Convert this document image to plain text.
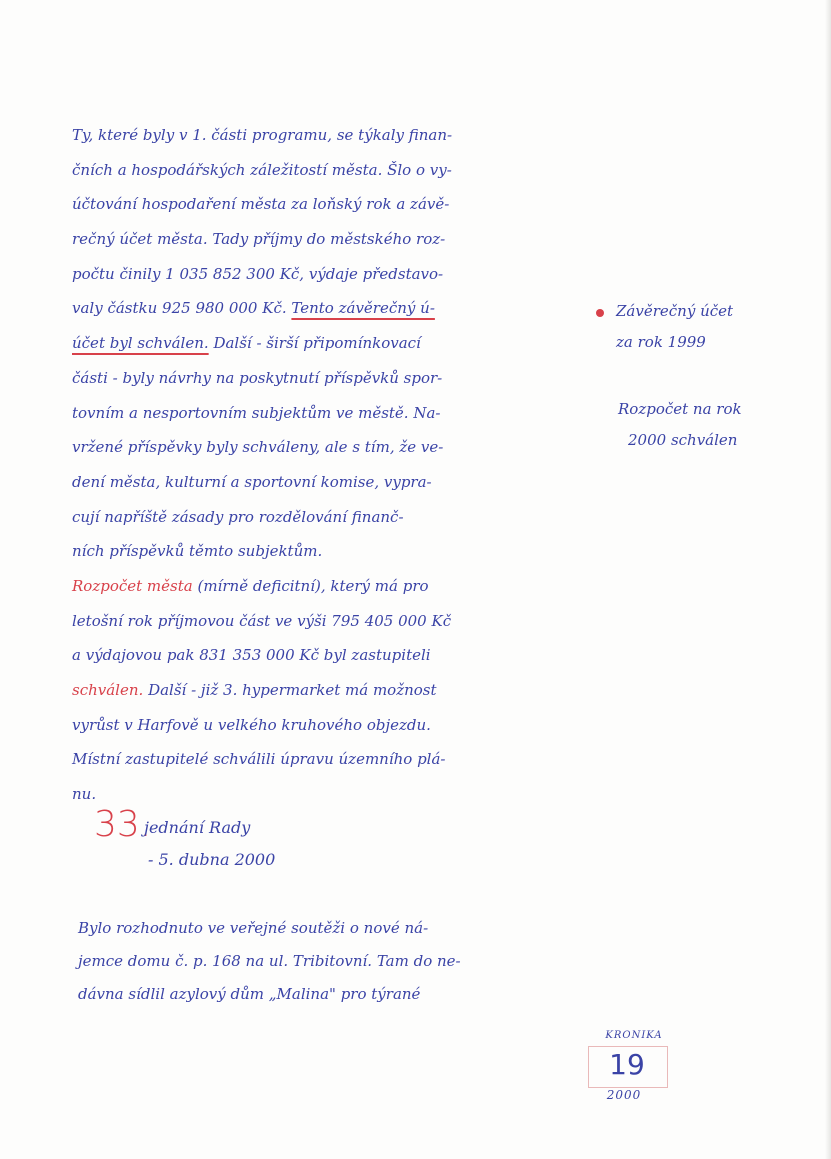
Ty, které byly v 1. části programu, se týkaly finan-
čních a hospodářských záležitostí města. Šlo o vy-
účtování hospodaření města za loňský rok a závě-
rečný účet města. Tady příjmy do městského roz-
počtu činily 1 035 852 300 Kč, výdaje představo-
valy částku 925 980 000 Kč. Tento závěrečný ú-
účet byl schválen. Další - širší připomínkovací
části - byly návrhy na poskytnutí příspěvků spor-
tovním a nesportovním subjektům ve městě. Na-
vržené příspěvky byly schváleny, ale s tím, že ve-
dení města, kulturní a sportovní komise, vypra-
cují napříště zásady pro rozdělování finanč-
ních příspěvků těmto subjektům.
Rozpočet města (mírně deficitní), který má pro
letošní rok příjmovou část ve výši 795 405 000 Kč
a výdajovou pak 831 353 000 Kč byl zastupiteli
schválen. Další - již 3. hypermarket má možnost
vyrůst v Harfově u velkého kruhového objezdu.
Místní zastupitelé schválili úpravu územního plá-
nu.
Závěrečný účet
za rok 1999
Rozpočet na rok
2000 schválen
33.
jednání Rady
- 5. dubna 2000
Bylo rozhodnuto ve veřejné soutěži o nové ná-
jemce domu č. p. 168 na ul. Tribitovní. Tam do ne-
dávna sídlil azylový dům „Malina" pro týrané
KRONIKA
19
2000
